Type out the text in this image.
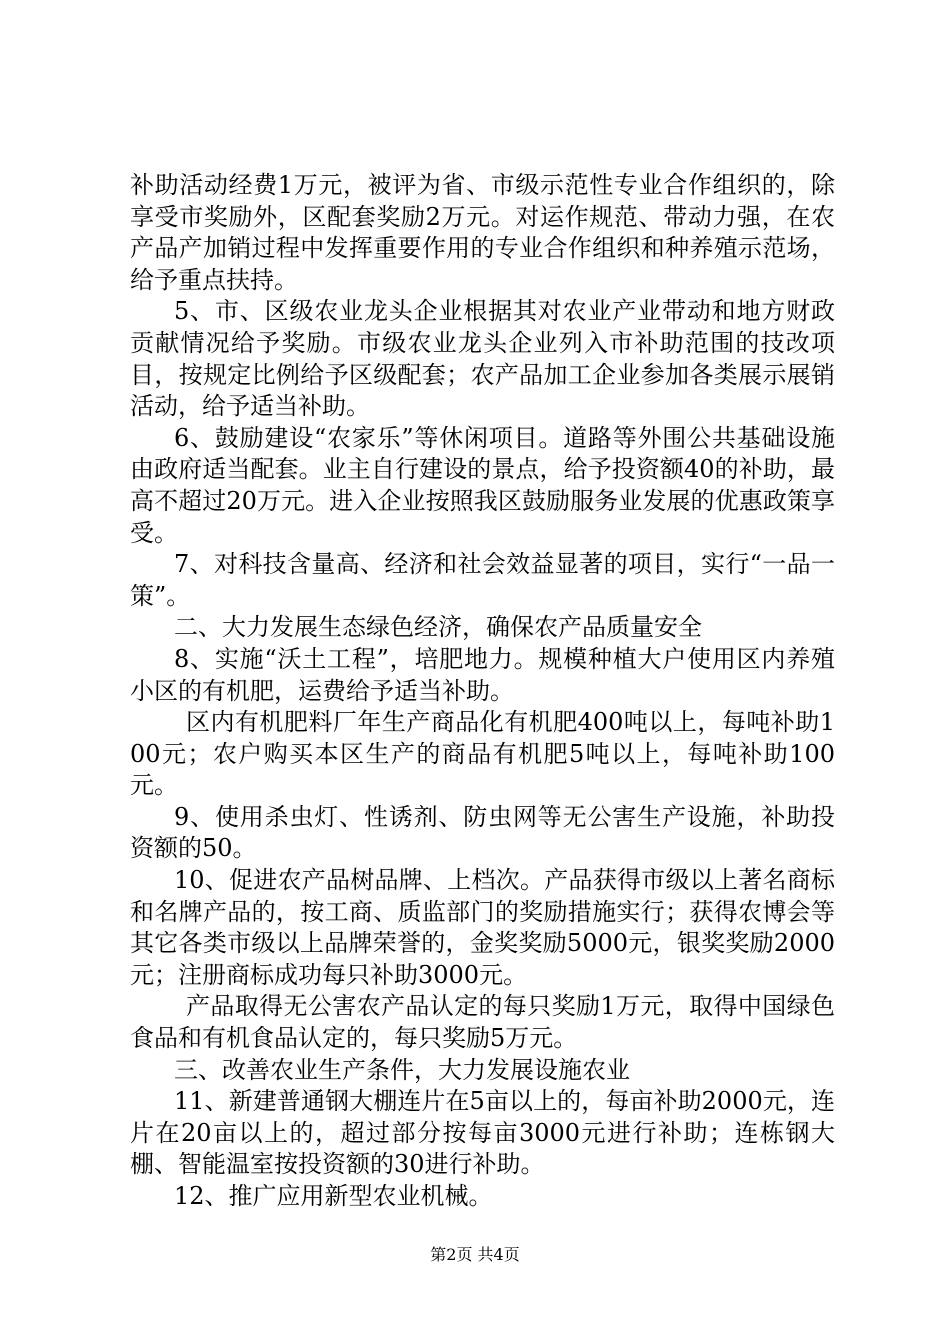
补助活动经费1万元，被评为省、市级示范性专业合作组织的，除享受市奖励外，区配套奖励2万元。对运作规范、带动力强，在农产品产加销过程中发挥重要作用的专业合作组织和种养殖示范场，给予重点扶持。

5、市、区级农业龙头企业根据其对农业产业带动和地方财政贡献情况给予奖励。市级农业龙头企业列入市补助范围的技改项目，按规定比例给予区级配套；农产品加工企业参加各类展示展销活动，给予适当补助。

6、鼓励建设“农家乐”等休闲项目。道路等外围公共基础设施由政府适当配套。业主自行建设的景点，给予投资额40的补助，最高不超过20万元。进入企业按照我区鼓励服务业发展的优惠政策享受。

7、对科技含量高、经济和社会效益显著的项目，实行“一品一策”。

二、大力发展生态绿色经济，确保农产品质量安全

8、实施“沃土工程”，培肥地力。规模种植大户使用区内养殖小区的有机肥，运费给予适当补助。

区内有机肥料厂年生产商品化有机肥400吨以上，每吨补助100元；农户购买本区生产的商品有机肥5吨以上，每吨补助100元。

9、使用杀虫灯、性诱剂、防虫网等无公害生产设施，补助投资额的50。

10、促进农产品树品牌、上档次。产品获得市级以上著名商标和名牌产品的，按工商、质监部门的奖励措施实行；获得农博会等其它各类市级以上品牌荣誉的，金奖奖励5000元，银奖奖励2000元；注册商标成功每只补助3000元。

产品取得无公害农产品认定的每只奖励1万元，取得中国绿色食品和有机食品认定的，每只奖励5万元。

三、改善农业生产条件，大力发展设施农业

11、新建普通钢大棚连片在5亩以上的，每亩补助2000元，连片在20亩以上的，超过部分按每亩3000元进行补助；连栋钢大棚、智能温室按投资额的30进行补助。

12、推广应用新型农业机械。

第2页 共4页
